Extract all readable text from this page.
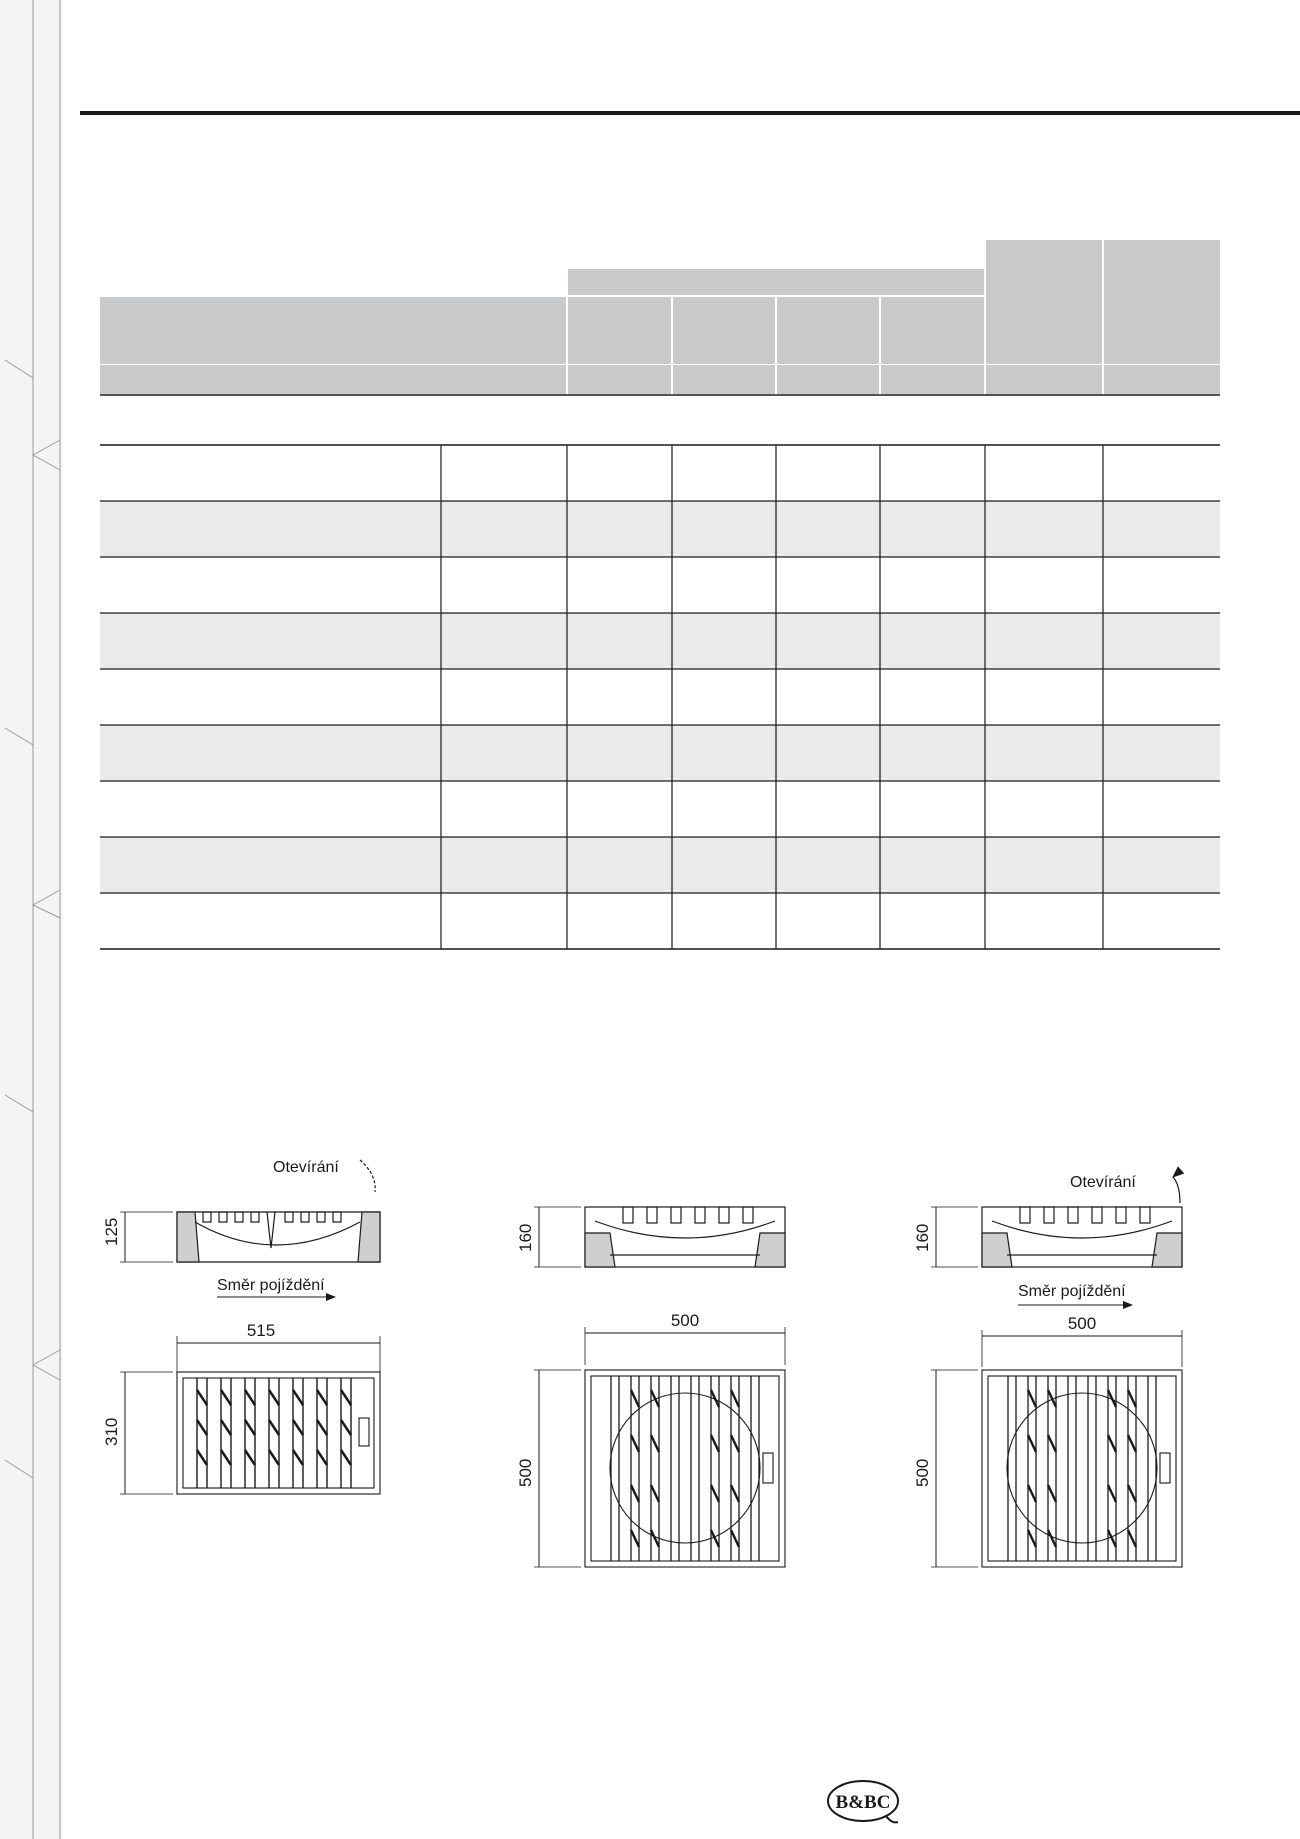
Otevírání
125
Směr pojíždění
515
310
160
500
500
Otevírání
160
Směr pojíždění
500
500
B&BC
